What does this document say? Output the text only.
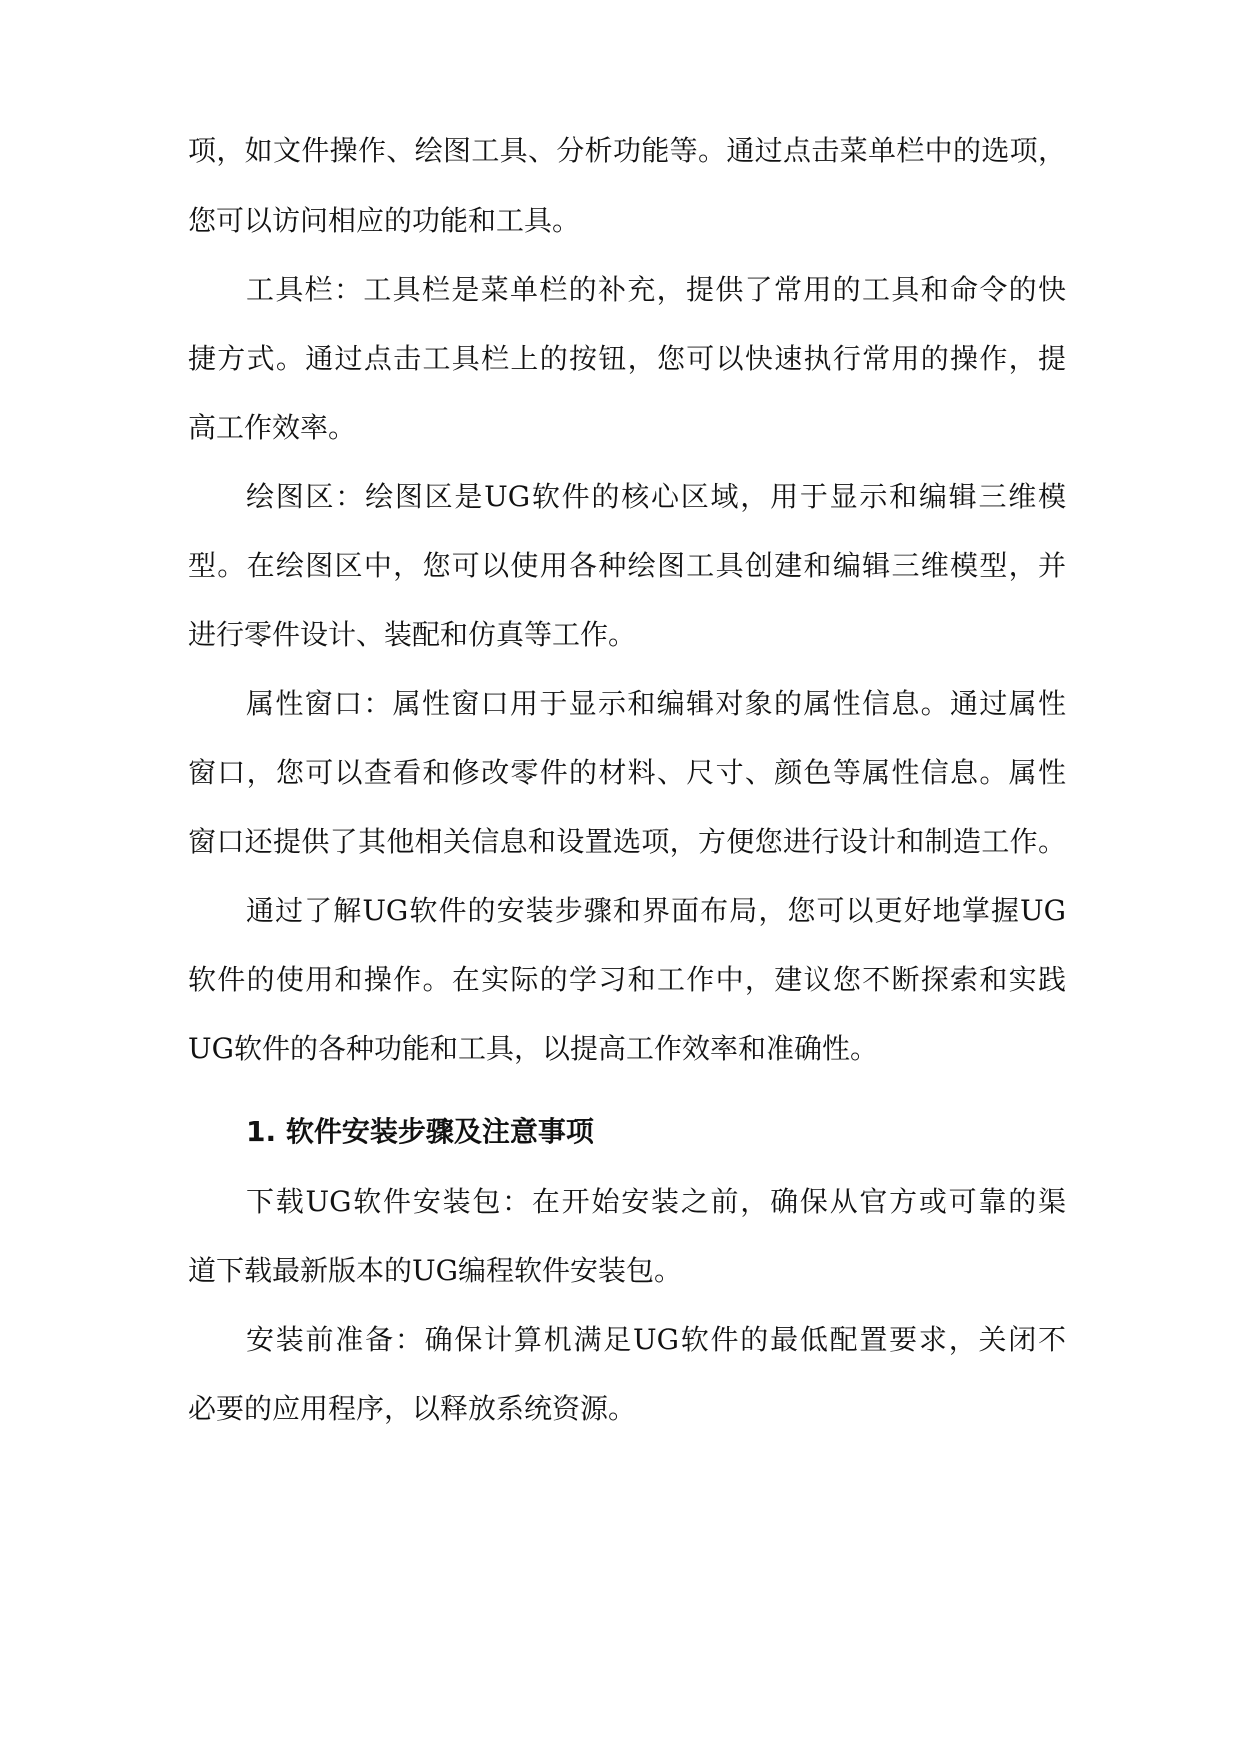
项，如文件操作、绘图工具、分析功能等。通过点击菜单栏中的选项，
您可以访问相应的功能和工具。
工具栏：工具栏是菜单栏的补充，提供了常用的工具和命令的快
捷方式。通过点击工具栏上的按钮，您可以快速执行常用的操作，提
高工作效率。
绘图区：绘图区是UG软件的核心区域，用于显示和编辑三维模
型。在绘图区中，您可以使用各种绘图工具创建和编辑三维模型，并
进行零件设计、装配和仿真等工作。
属性窗口：属性窗口用于显示和编辑对象的属性信息。通过属性
窗口，您可以查看和修改零件的材料、尺寸、颜色等属性信息。属性
窗口还提供了其他相关信息和设置选项，方便您进行设计和制造工作。
通过了解UG软件的安装步骤和界面布局，您可以更好地掌握UG
软件的使用和操作。在实际的学习和工作中，建议您不断探索和实践
UG软件的各种功能和工具，以提高工作效率和准确性。
1. 软件安装步骤及注意事项
下载UG软件安装包：在开始安装之前，确保从官方或可靠的渠
道下载最新版本的UG编程软件安装包。
安装前准备：确保计算机满足UG软件的最低配置要求，关闭不
必要的应用程序，以释放系统资源。
